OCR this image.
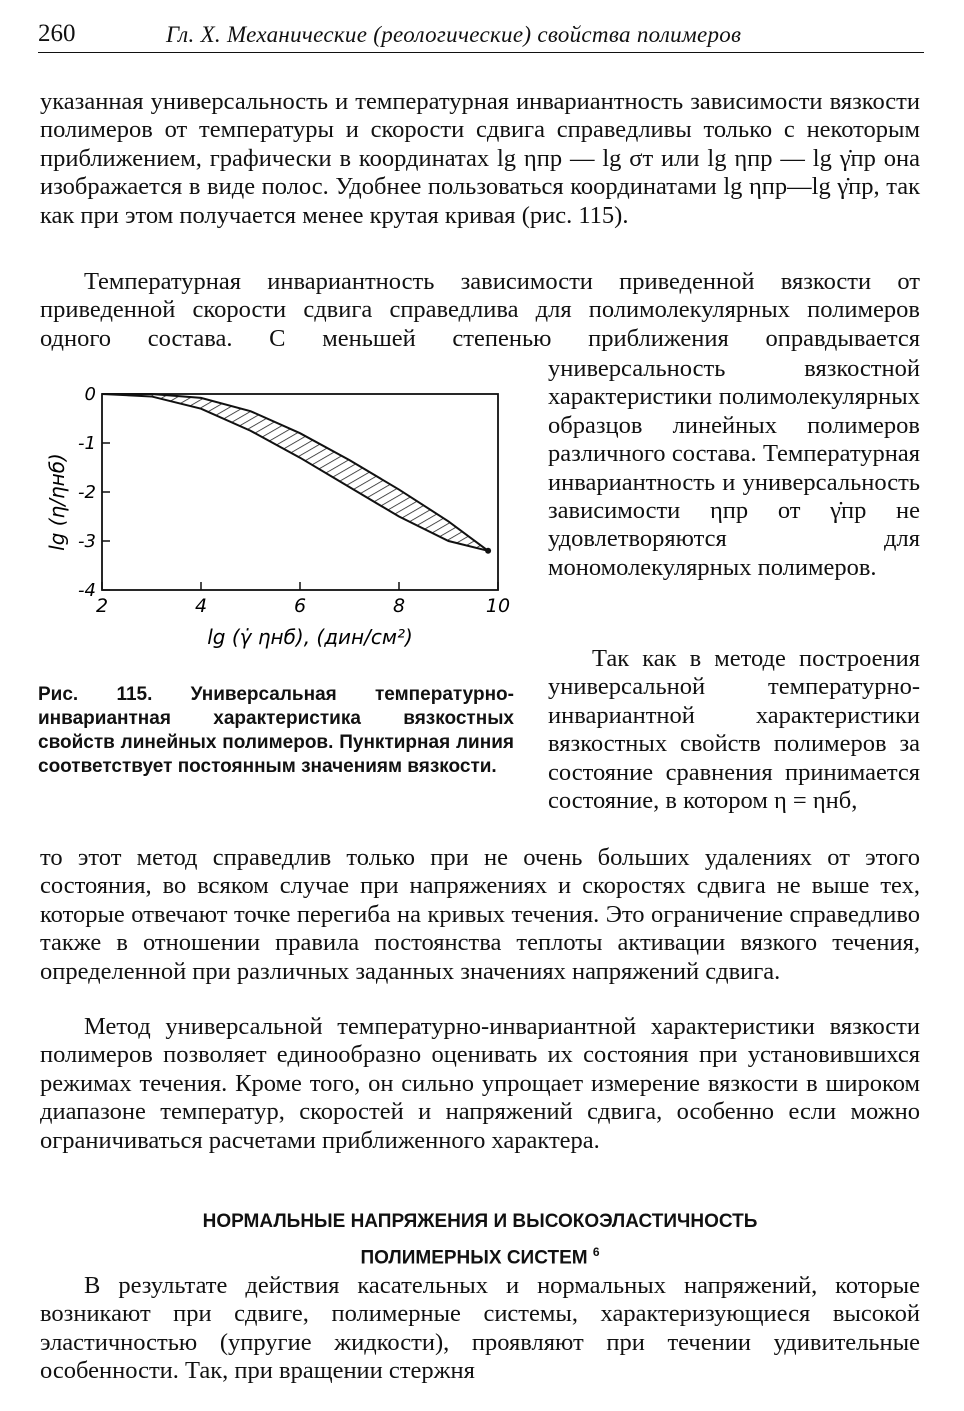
260	Гл. X. Механические (реологические) свойства полимеров

указанная универсальность и температурная инвариантность зависимости вязкости полимеров от температуры и скорости сдвига справедливы только с некоторым приближением, графически в координатах lg ηпр — lg σт или lg ηпр — lg γ̇пр она изображается в виде полос. Удобнее пользоваться координатами lg ηпр—lg γ̇пр, так как при этом получается менее крутая кривая (рис. 115).

Температурная инвариантность зависимости приведенной вязкости от приведенной скорости сдвига справедлива для полимолекулярных полимеров одного состава. С меньшей степенью приближения оправдывается

универсальность вязкостной характеристики полимолекулярных образцов линейных полимеров различного состава. Температурная инвариантность и универсальность зависимости ηпр от γ̇пр не удовлетворяются для мономолекулярных полимеров.

2	4	6	8	10
0
-1
-2
-3
-4
lg (γ̇ ηнб), (дин/см²)
lg (η/ηнб)

Рис. 115. Универсальная температурно-инвариантная характеристика вязкостных свойств линейных полимеров. Пунктирная линия соответствует постоянным значениям вязкости.

Так как в методе построения универсальной температурно-инвариантной характеристики вязкостных свойств полимеров за состояние сравнения принимается состояние, в котором η = ηнб,

то этот метод справедлив только при не очень больших удалениях от этого состояния, во всяком случае при напряжениях и скоростях сдвига не выше тех, которые отвечают точке перегиба на кривых течения. Это ограничение справедливо также в отношении правила постоянства теплоты активации вязкого течения, определенной при различных заданных значениях напряжений сдвига.

Метод универсальной температурно-инвариантной характеристики вязкости полимеров позволяет единообразно оценивать их состояния при установившихся режимах течения. Кроме того, он сильно упрощает измерение вязкости в широком диапазоне температур, скоростей и напряжений сдвига, особенно если можно ограничиваться расчетами приближенного характера.

НОРМАЛЬНЫЕ НАПРЯЖЕНИЯ И ВЫСОКОЭЛАСТИЧНОСТЬ
ПОЛИМЕРНЫХ СИСТЕМ $^6$

В результате действия касательных и нормальных напряжений, которые возникают при сдвиге, полимерные системы, характеризующиеся высокой эластичностью (упругие жидкости), проявляют при течении удивительные особенности. Так, при вращении стержня
